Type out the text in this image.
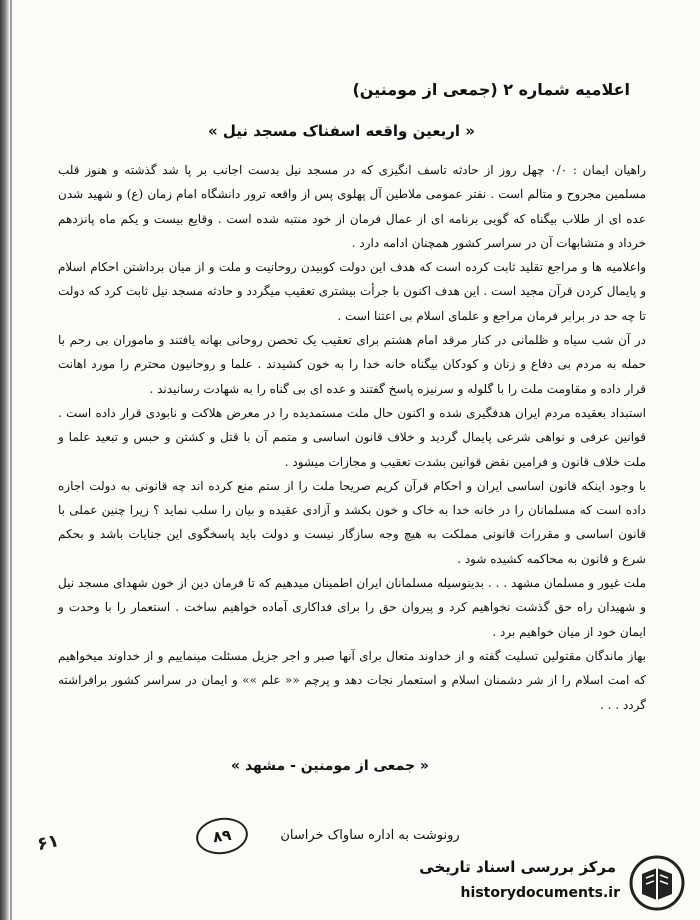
اعلامیه شماره ۲ (جمعی از مومنین)
« اربعین واقعه اسفناک مسجد نیل »

راهیان ایمان : ۰/۰ چهل روز از حادثه تاسف انگیزی که در مسجد نیل بدست اجانب بر پا شد گذشته و هنوز قلب مسلمین مجروح و متالم است . نفتر عمومی ملاطین آل پهلوی پس از واقعه ترور دانشگاه امام زمان (ع) و شهید شدن عده ای از طلاب بیگناه که گویی برنامه ای از عمال فرمان از خود منتبه شده است . وقایع بیست و یکم ماه پانزدهم خرداد و متشابهات آن در سراسر کشور همچنان ادامه دارد .

واعلامیه ها و مراجع تقلید ثابت کرده است که هدف این دولت کوبیدن روحانیت و ملت و از میان برداشتن احکام اسلام و پایمال کردن قرآن مجید است . این هدف اکنون با جرأت بیشتری تعقیب میگردد و حادثه مسجد نیل ثابت کرد که دولت تا چه حد در برابر فرمان مراجع و علمای اسلام بی اعتنا است .

در آن شب سیاه و ظلمانی در کنار مرقد امام هشتم برای تعقیب یک تحصن روحانی بهانه یافتند و ماموران بی رحم با حمله به مردم بی دفاع و زنان و کودکان بیگناه خانه خدا را به خون کشیدند . علما و روحانیون محترم را مورد اهانت قرار داده و مقاومت ملت را با گلوله و سرنیزه پاسخ گفتند و عده ای بی گناه را به شهادت رسانیدند .

استبداد بعقیده مردم ایران هدفگیری شده و اکنون حال ملت مستمدیده را در معرض هلاکت و نابودی قرار داده است . قوانین عرفی و نواهی شرعی پایمال گردید و خلاف قانون اساسی و متمم آن با قتل و کشتن و حبس و تبعید علما و ملت خلاف قانون و فرامین نقض قوانین بشدت تعقیب و مجازات میشود .

با وجود اینکه قانون اساسی ایران و احکام قرآن کریم صریحا ملت را از ستم منع کرده اند چه قانونی به دولت اجازه داده است که مسلمانان را در خانه خدا به خاک و خون بکشد و آزادی عقیده و بیان را سلب نماید ؟ زیرا چنین عملی با قانون اساسی و مقررات قانونی مملکت به هیچ وجه سازگار نیست و دولت باید پاسخگوی این جنایات باشد و بحکم شرع و قانون به محاکمه کشیده شود .

ملت غیور و مسلمان مشهد . . . بدینوسیله مسلمانان ایران اطمینان میدهیم که تا فرمان دین از خون شهدای مسجد نیل و شهیدان راه حق گذشت نخواهیم کرد و پیروان حق را برای فداکاری آماده خواهیم ساخت . استعمار را با وحدت و ایمان خود از میان خواهیم برد .

بهاز ماندگان مقتولین تسلیت گفته و از خداوند متعال برای آنها صبر و اجر جزیل مسئلت مینماییم و از خداوند میخواهیم که امت اسلام را از شر دشمنان اسلام و استعمار نجات دهد و پرچم «« علم »» و ایمان در سراسر کشور برافراشته گردد . . .

« جمعی از مومنین - مشهد »
رونوشت به اداره ساواک خراسان
۸۹
۶۱
مرکز بررسی اسناد تاریخی
historydocuments.ir
